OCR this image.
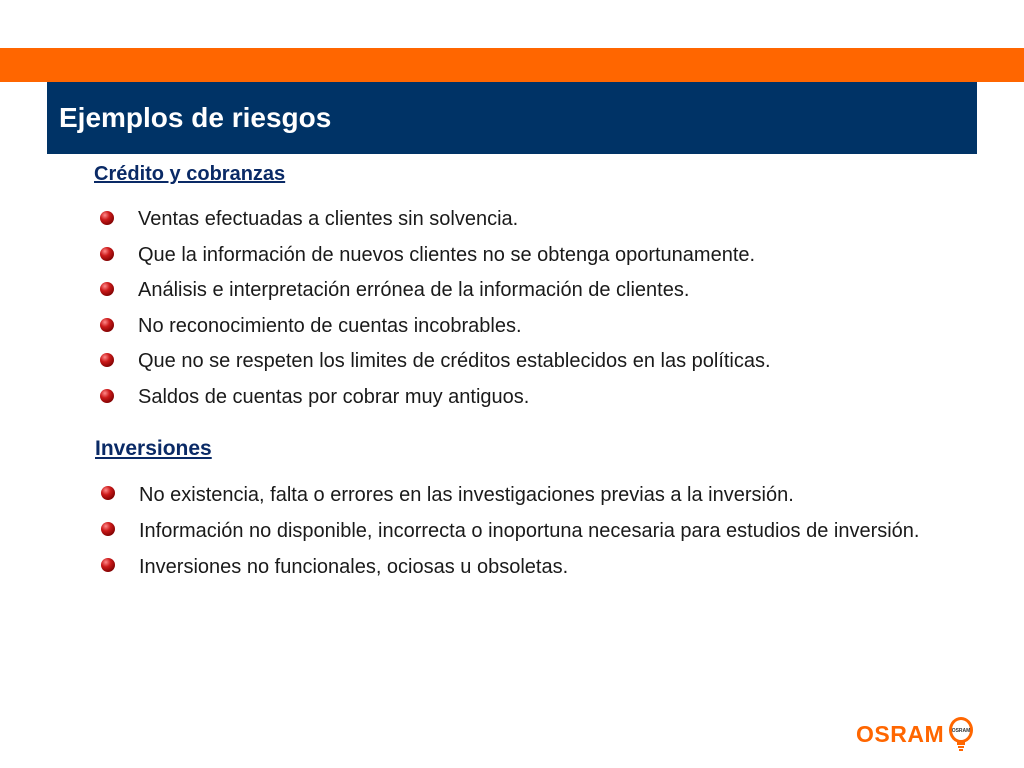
Ejemplos de riesgos
Crédito y cobranzas
Ventas efectuadas a clientes sin solvencia.
Que la información de nuevos clientes no se obtenga oportunamente.
Análisis e interpretación errónea de la información de clientes.
No reconocimiento de cuentas incobrables.
Que no se respeten los limites de créditos establecidos en las políticas.
Saldos de cuentas por cobrar muy antiguos.
Inversiones
No existencia, falta o errores en las investigaciones previas a la inversión.
Información no disponible, incorrecta o inoportuna necesaria para estudios de inversión.
Inversiones no funcionales, ociosas u obsoletas.
OSRAM OSRAM
